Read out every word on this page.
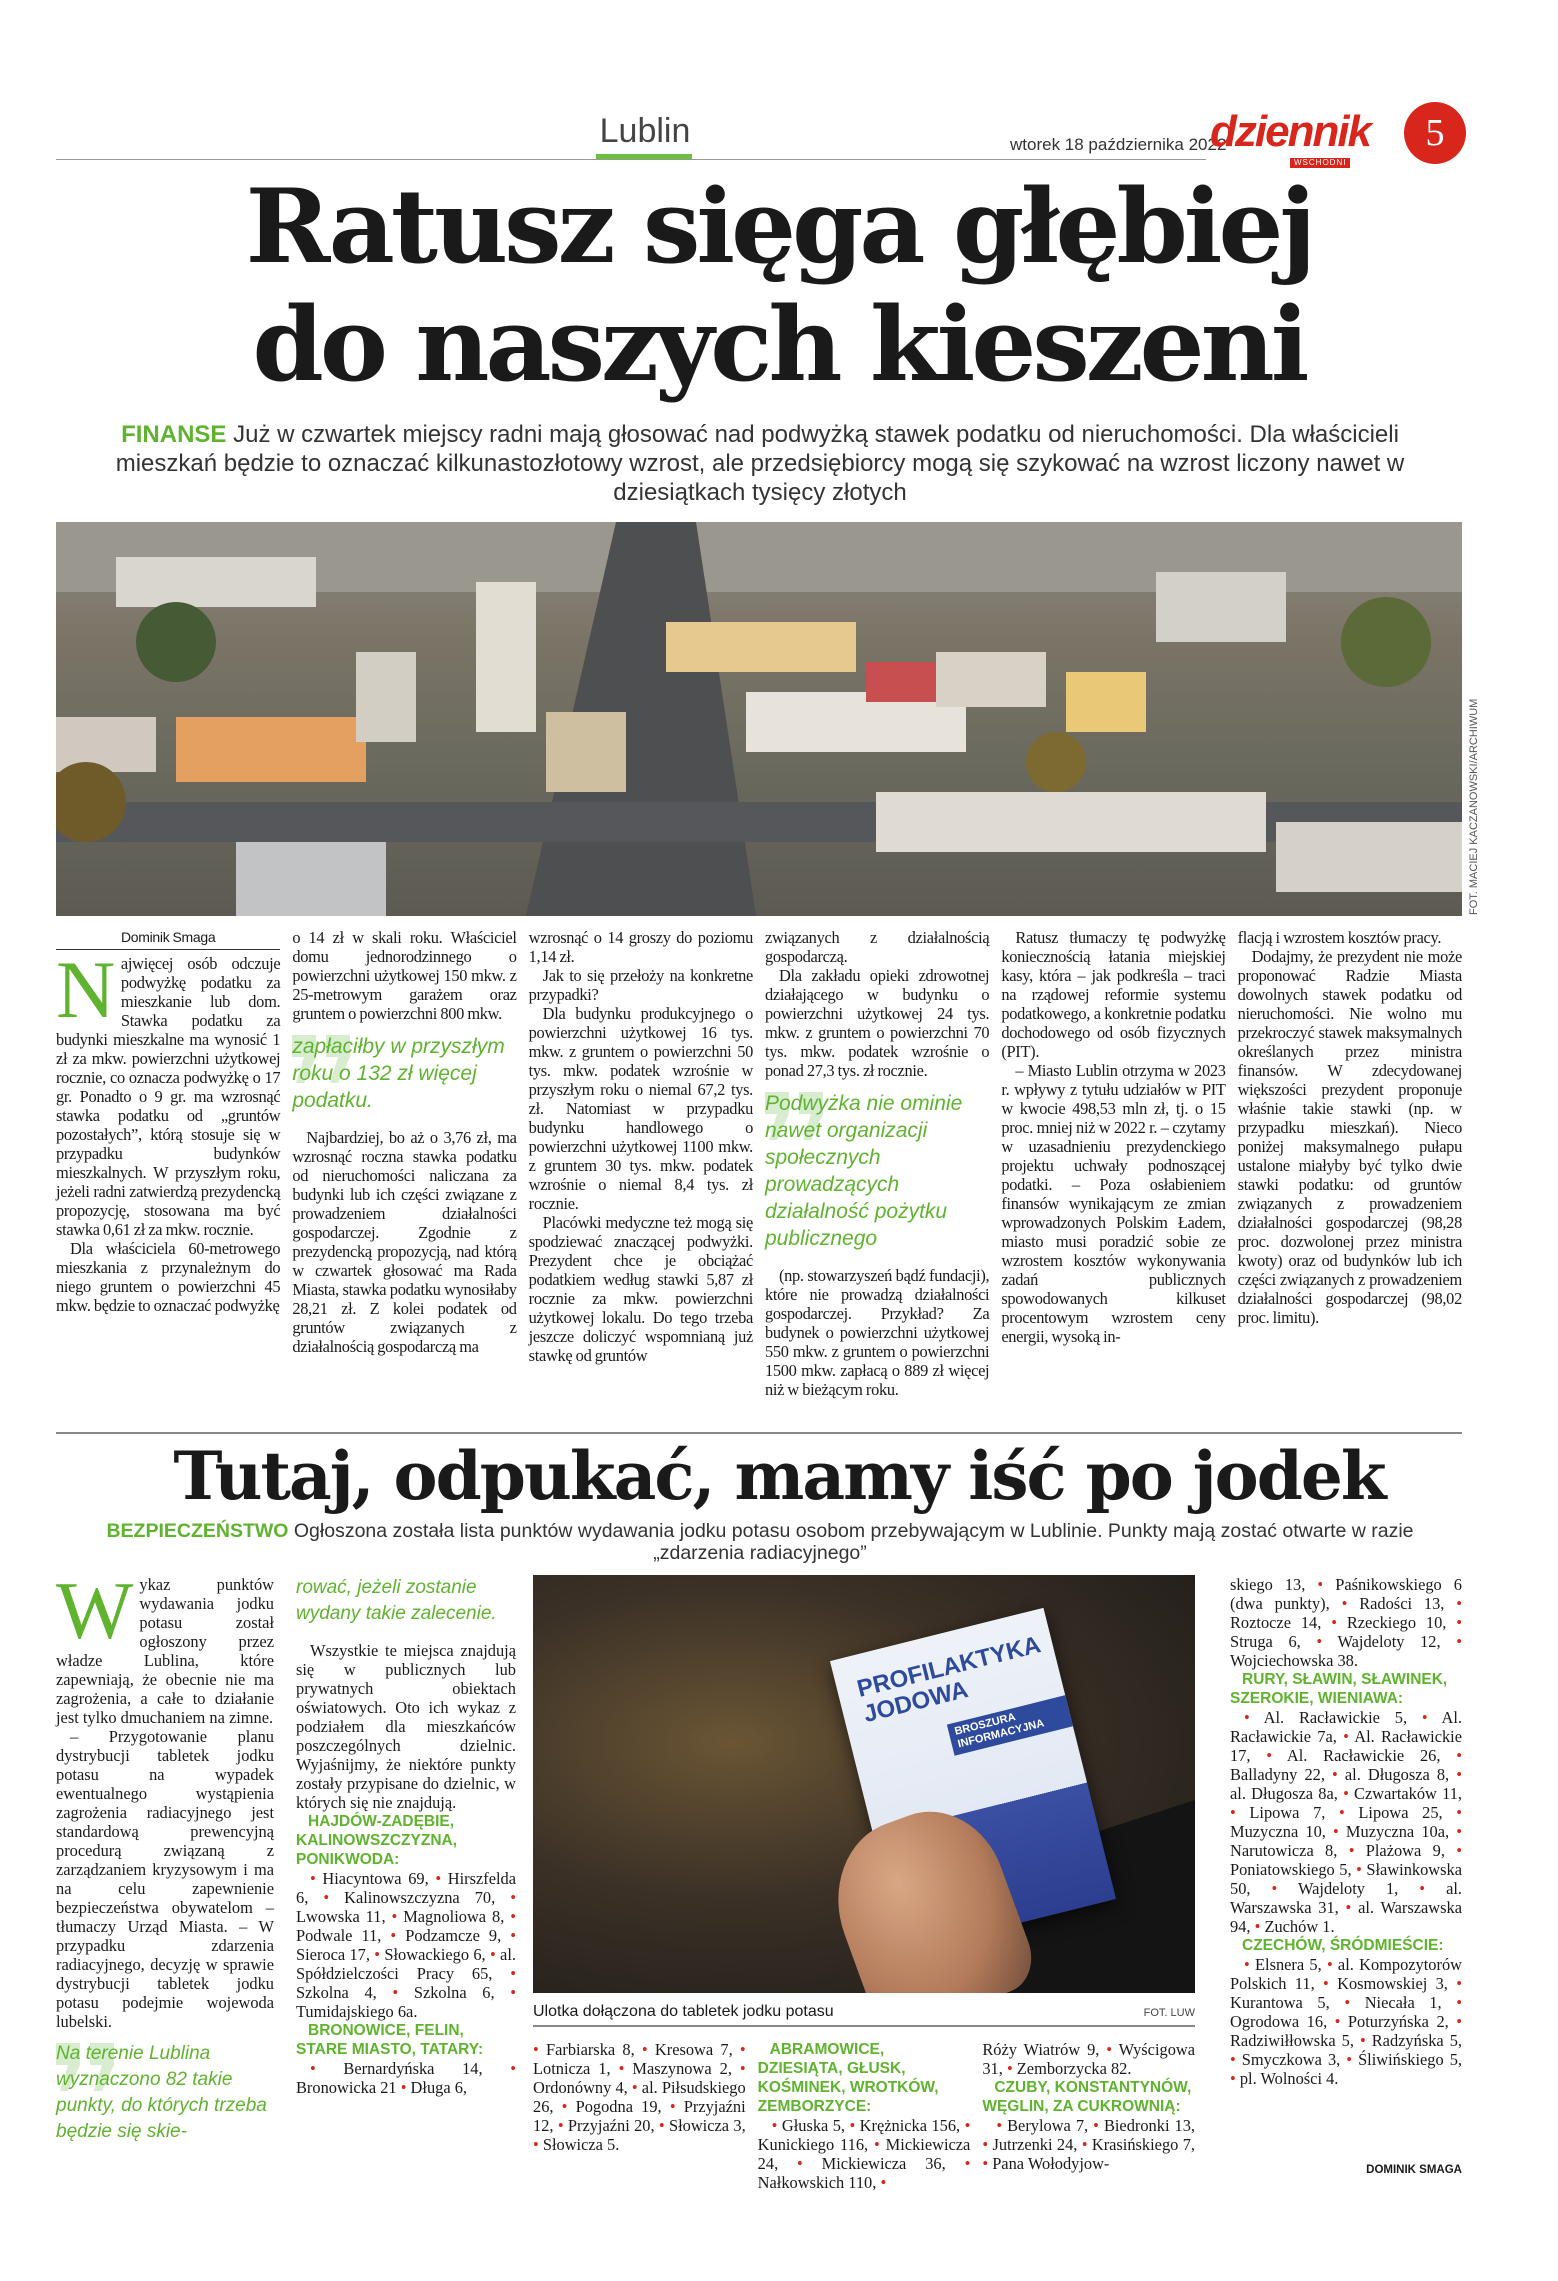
Lublin	wtorek 18 października 2022
dziennik
WSCHODNI
5
Ratusz sięga głębiej
do naszych kieszeni
FINANSE Już w czwartek miejscy radni mają głosować nad podwyżką stawek podatku od nieruchomości. Dla właścicieli mieszkań będzie to oznaczać kilkunastozłotowy wzrost, ale przedsiębiorcy mogą się szykować na wzrost liczony nawet w dziesiątkach tysięcy złotych
FOT. MACIEJ KACZANOWSKI/ARCHIWUM
Dominik Smaga

Najwięcej osób odczuje podwyżkę podatku za mieszkanie lub dom. Stawka podatku za budynki mieszkalne ma wynosić 1 zł za mkw. powierzchni użytkowej rocznie, co oznacza podwyżkę o 17 gr. Ponadto o 9 gr. ma wzrosnąć stawka podatku od „gruntów pozostałych”, którą stosuje się w przypadku budynków mieszkalnych. W przyszłym roku, jeżeli radni zatwierdzą prezydencką propozycję, stosowana ma być stawka 0,61 zł za mkw. rocznie.

Dla właściciela 60-metrowego mieszkania z przynależnym do niego gruntem o powierzchni 45 mkw. będzie to oznaczać podwyżkę

o 14 zł w skali roku. Właściciel domu jednorodzinnego o powierzchni użytkowej 150 mkw. z 25-metrowym garażem oraz gruntem o powierzchni 800 mkw.

zapłaciłby w przyszłym roku o 132 zł więcej podatku.

Najbardziej, bo aż o 3,76 zł, ma wzrosnąć roczna stawka podatku od nieruchomości naliczana za budynki lub ich części związane z prowadzeniem działalności gospodarczej. Zgodnie z prezydencką propozycją, nad którą w czwartek głosować ma Rada Miasta, stawka podatku wynosiłaby 28,21 zł. Z kolei podatek od gruntów związanych z działalnością gospodarczą ma

wzrosnąć o 14 groszy do poziomu 1,14 zł.

Jak to się przełoży na konkretne przypadki?

Dla budynku produkcyjnego o powierzchni użytkowej 16 tys. mkw. z gruntem o powierzchni 50 tys. mkw. podatek wzrośnie w przyszłym roku o niemal 67,2 tys. zł. Natomiast w przypadku budynku handlowego o powierzchni użytkowej 1100 mkw. z gruntem 30 tys. mkw. podatek wzrośnie o niemal 8,4 tys. zł rocznie.

Placówki medyczne też mogą się spodziewać znaczącej podwyżki. Prezydent chce je obciążać podatkiem według stawki 5,87 zł rocznie za mkw. powierzchni użytkowej lokalu. Do tego trzeba jeszcze doliczyć wspomnianą już stawkę od gruntów

związanych z działalnością gospodarczą.

Dla zakładu opieki zdrowotnej działającego w budynku o powierzchni użytkowej 24 tys. mkw. z gruntem o powierzchni 70 tys. mkw. podatek wzrośnie o ponad 27,3 tys. zł rocznie.

Podwyżka nie ominie nawet organizacji społecznych prowadzących działalność pożytku publicznego

(np. stowarzyszeń bądź fundacji), które nie prowadzą działalności gospodarczej. Przykład? Za budynek o powierzchni użytkowej 550 mkw. z gruntem o powierzchni 1500 mkw. zapłacą o 889 zł więcej niż w bieżącym roku.

Ratusz tłumaczy tę podwyżkę koniecznością łatania miejskiej kasy, która – jak podkreśla – traci na rządowej reformie systemu podatkowego, a konkretnie podatku dochodowego od osób fizycznych (PIT).

– Miasto Lublin otrzyma w 2023 r. wpływy z tytułu udziałów w PIT w kwocie 498,53 mln zł, tj. o 15 proc. mniej niż w 2022 r. – czytamy w uzasadnieniu prezydenckiego projektu uchwały podnoszącej podatki. – Poza osłabieniem finansów wynikającym ze zmian wprowadzonych Polskim Ładem, miasto musi poradzić sobie ze wzrostem kosztów wykonywania zadań publicznych spowodowanych kilkuset procentowym wzrostem ceny energii, wysoką in-

flacją i wzrostem kosztów pracy.

Dodajmy, że prezydent nie może proponować Radzie Miasta dowolnych stawek podatku od nieruchomości. Nie wolno mu przekroczyć stawek maksymalnych określanych przez ministra finansów. W zdecydowanej większości prezydent proponuje właśnie takie stawki (np. w przypadku mieszkań). Nieco poniżej maksymalnego pułapu ustalone miałyby być tylko dwie stawki podatku: od gruntów związanych z prowadzeniem działalności gospodarczej (98,28 proc. dozwolonej przez ministra kwoty) oraz od budynków lub ich części związanych z prowadzeniem działalności gospodarczej (98,02 proc. limitu).

Tutaj, odpukać, mamy iść po jodek
BEZPIECZEŃSTWO Ogłoszona została lista punktów wydawania jodku potasu osobom przebywającym w Lublinie. Punkty mają zostać otwarte w razie „zdarzenia radiacyjnego”

Wykaz punktów wydawania jodku potasu został ogłoszony przez władze Lublina, które zapewniają, że obecnie nie ma zagrożenia, a całe to działanie jest tylko dmuchaniem na zimne.

– Przygotowanie planu dystrybucji tabletek jodku potasu na wypadek ewentualnego wystąpienia zagrożenia radiacyjnego jest standardową prewencyjną procedurą związaną z zarządzaniem kryzysowym i ma na celu zapewnienie bezpieczeństwa obywatelom – tłumaczy Urząd Miasta. – W przypadku zdarzenia radiacyjnego, decyzję w sprawie dystrybucji tabletek jodku potasu podejmie wojewoda lubelski.

Na terenie Lublina wyznaczono 82 takie punkty, do których trzeba będzie się skie-
rować, jeżeli zostanie wydany takie zalecenie.

Wszystkie te miejsca znajdują się w publicznych lub prywatnych obiektach oświatowych. Oto ich wykaz z podziałem dla mieszkańców poszczególnych dzielnic. Wyjaśnijmy, że niektóre punkty zostały przypisane do dzielnic, w których się nie znajdują.

HAJDÓW-ZADĘBIE, KALINOWSZCZYZNA, PONIKWODA:

• Hiacyntowa 69, • Hirszfelda 6, • Kalinowszczyzna 70, • Lwowska 11, • Magnoliowa 8, • Podwale 11, • Podzamcze 9, • Sieroca 17, • Słowackiego 6, • al. Spółdzielczości Pracy 65, • Szkolna 4, • Szkolna 6, • Tumidajskiego 6a.

BRONOWICE, FELIN, STARE MIASTO, TATARY:

• Bernardyńska 14, • Bronowicka 21 • Długa 6,

PROFILAKTYKA JODOWA
BROSZURA INFORMACYJNA
Ulotka dołączona do tabletek jodku potasu	FOT. LUW

• Farbiarska 8, • Kresowa 7, • Lotnicza 1, • Maszynowa 2, • Ordonówny 4, • al. Piłsudskiego 26, • Pogodna 19, • Przyjaźni 12, • Przyjaźni 20, • Słowicza 3, • Słowicza 5.

ABRAMOWICE, DZIESIĄTA, GŁUSK, KOŚMINEK, WROTKÓW, ZEMBORZYCE:

• Głuska 5, • Krężnicka 156, • Kunickiego 116, • Mickiewicza 24, • Mickiewicza 36, • Nałkowskich 110, •

Róży Wiatrów 9, • Wyścigowa 31, • Zemborzycka 82.

CZUBY, KONSTANTYNÓW, WĘGLIN, ZA CUKROWNIĄ:

• Berylowa 7, • Biedronki 13, • Jutrzenki 24, • Krasińskiego 7, • Pana Wołodyjow-

skiego 13, • Paśnikowskiego 6 (dwa punkty), • Radości 13, • Roztocze 14, • Rzeckiego 10, • Struga 6, • Wajdeloty 12, • Wojciechowska 38.

RURY, SŁAWIN, SŁAWINEK, SZEROKIE, WIENIAWA:

• Al. Racławickie 5, • Al. Racławickie 7a, • Al. Racławickie 17, • Al. Racławickie 26, • Balladyny 22, • al. Długosza 8, • al. Długosza 8a, • Czwartaków 11, • Lipowa 7, • Lipowa 25, • Muzyczna 10, • Muzyczna 10a, • Narutowicza 8, • Plażowa 9, • Poniatowskiego 5, • Sławinkowska 50, • Wajdeloty 1, • al. Warszawska 31, • al. Warszawska 94, • Zuchów 1.

CZECHÓW, ŚRÓDMIEŚCIE:

• Elsnera 5, • al. Kompozytorów Polskich 11, • Kosmowskiej 3, • Kurantowa 5, • Niecała 1, • Ogrodowa 16, • Poturzyńska 2, • Radziwiłłowska 5, • Radzyńska 5, • Smyczkowa 3, • Śliwińskiego 5, • pl. Wolności 4.

DOMINIK SMAGA
